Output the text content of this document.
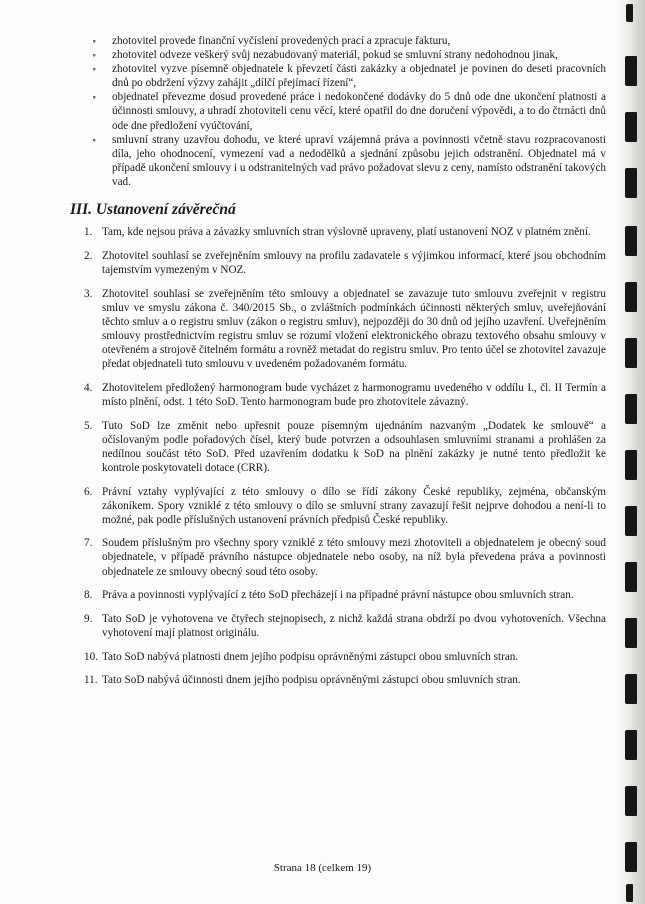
∘ zhotovitel provede finanční vyčíslení provedených prací a zpracuje fakturu,
∘ zhotovitel odveze veškerý svůj nezabudovaný materiál, pokud se smluvní strany nedohodnou jinak,
∘ zhotovitel vyzve písemně objednatele k převzetí části zakázky a objednatel je povinen do deseti pracovních dnů po obdržení výzvy zahájit „dílčí přejímací řízení“,
∘ objednatel převezme dosud provedené práce i nedokončené dodávky do 5 dnů ode dne ukončení platnosti a účinnosti smlouvy, a uhradí zhotoviteli cenu věcí, které opatřil do dne doručení výpovědi, a to do čtrnácti dnů ode dne předložení vyúčtování,
∘ smluvní strany uzavřou dohodu, ve které upraví vzájemná práva a povinnosti včetně stavu rozpracovanosti díla, jeho ohodnocení, vymezení vad a nedodělků a sjednání způsobu jejich odstranění. Objednatel má v případě ukončení smlouvy i u odstranitelných vad právo požadovat slevu z ceny, namísto odstranění takových vad.
III. Ustanovení závěrečná
1. Tam, kde nejsou práva a závazky smluvních stran výslovně upraveny, platí ustanovení NOZ v platném znění.
2. Zhotovitel souhlasí se zveřejněním smlouvy na profilu zadavatele s výjimkou informací, které jsou obchodním tajemstvím vymezeným v NOZ.
3. Zhotovitel souhlasí se zveřejněním této smlouvy a objednatel se zavazuje tuto smlouvu zveřejnit v registru smluv ve smyslu zákona č. 340/2015 Sb., o zvláštních podmínkách účinnosti některých smluv, uveřejňování těchto smluv a o registru smluv (zákon o registru smluv), nejpozději do 30 dnů od jejího uzavření. Uveřejněním smlouvy prostřednictvím registru smluv se rozumí vložení elektronického obrazu textového obsahu smlouvy v otevřeném a strojově čitelném formátu a rovněž metadat do registru smluv. Pro tento účel se zhotovitel zavazuje předat objednateli tuto smlouvu v uvedeném požadovaném formátu.
4. Zhotovitelem předložený harmonogram bude vycházet z harmonogramu uvedeného v oddílu I., čl. II Termín a místo plnění, odst. 1 této SoD. Tento harmonogram bude pro zhotovitele závazný.
5. Tuto SoD lze změnit nebo upřesnit pouze písemným ujednáním nazvaným „Dodatek ke smlouvě“ a očíslovaným podle pořadových čísel, který bude potvrzen a odsouhlasen smluvními stranami a prohlášen za nedílnou součást této SoD. Před uzavřením dodatku k SoD na plnění zakázky je nutné tento předložit ke kontrole poskytovateli dotace (CRR).
6. Právní vztahy vyplývající z této smlouvy o dílo se řídí zákony České republiky, zejména, občanským zákoníkem. Spory vzniklé z této smlouvy o dílo se smluvní strany zavazují řešit nejprve dohodou a není-li to možné, pak podle příslušných ustanovení právních předpisů České republiky.
7. Soudem příslušným pro všechny spory vzniklé z této smlouvy mezi zhotoviteli a objednatelem je obecný soud objednatele, v případě právního nástupce objednatele nebo osoby, na níž byla převedena práva a povinnosti objednatele ze smlouvy obecný soud této osoby.
8. Práva a povinnosti vyplývající z této SoD přecházejí i na případné právní nástupce obou smluvních stran.
9. Tato SoD je vyhotovena ve čtyřech stejnopisech, z nichž každá strana obdrží po dvou vyhotoveních. Všechna vyhotovení mají platnost originálu.
10. Tato SoD nabývá platnosti dnem jejího podpisu oprávněnými zástupci obou smluvních stran.
11. Tato SoD nabývá účinnosti dnem jejího podpisu oprávněnými zástupci obou smluvních stran.
Strana 18 (celkem 19)
